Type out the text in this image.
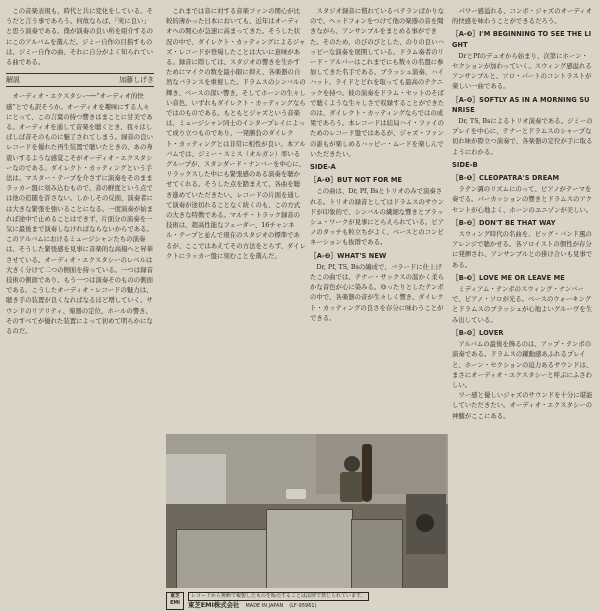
この音楽表現も、時代と共に変化をしている。そうだと言う事であろう。何故ならば、「実に良い」と思う演奏である。僕が演奏の良い所を紹介するのにこのアルバムを選んだ。ジミー自作の目指すものは、ジミー自作の曲、それに自分がよく知られている曲である。

解説	加藤しげき

オーディオ・エクスタシー──“オーディオ的快感”とでも訳そうか。オーディオを趣味にする人々にとって、この言葉の持つ響きはまことに甘美である。オーディオを通して音楽を聴くとき、我々はしばしば音そのものに魅了されてしまう。録音の良いレコードを優れた再生装置で聴いたときの、あの身震いするような感覚こそがオーディオ・エクスタシーなのである。ダイレクト・カッティングという手法は、マスター・テープを介さずに演奏をそのままラッカー盤に刻み込むもので、音の鮮度という点では他の追随を許さない。しかしその反面、演奏者には大きな緊張を強いることになる。一度演奏が始まれば途中で止めることはできず、片面分の演奏を一気に最後まで演奏しなければならないからである。このアルバムにおけるミュージシャンたちの演奏は、そうした緊張感を見事に音楽的な高揚へと昇華させている。オーディオ・エクスタシーのレベルは大きく分けて二つの側面を持っている。一つは録音技術の側面であり、もう一つは演奏そのものの側面である。こうしたオーディオ・レコードの魅力は、聴き手の装置が良くなればなるほど増していく。サウンドのリアリティ、楽器の定位、ホールの響き、そのすべてが優れた装置によって初めて明らかになるのだ。

これまでは音に対する音楽ファンの関心が比較的薄かった日本においても、近年はオーディオへの関心が急速に高まってきた。そうした状況の中で、ダイレクト・カッティングによるジャズ・レコードが登場したことは大いに意味がある。録音に際しては、スタジオの響きを生かすためにマイクの数を最小限に抑え、各楽器の自然なバランスを重視した。ドラムスのシンバルの輝き、ベースの深い響き、そしてホーンの生々しい音色、いずれもダイレクト・カッティングならではのものである。もともとジャズという音楽は、ミュージシャン同士のインタープレイによって成り立つものであり、一発勝負のダイレクト・カッティングとは非常に相性が良い。本アルバムでは、ジミー・スミス（オルガン）率いるグループが、スタンダード・ナンバーを中心に、リラックスした中にも緊張感のある演奏を聴かせてくれる。そうした点を踏まえて、各曲を聴き進めていただきたい。レコードの片面を通して演奏が途切れることなく続くのも、この方式の大きな特徴である。マルチ・トラック録音の技術は、超高性能なフェーダー、16チャンネル・テープと並んで現在のスタジオの標準であるが、ここではあえてその方法をとらず、ダイレクトにラッカー盤に刻むことを選んだ。

スタジオ録音に慣れているベテランばかりなので、ヘッドフォンをつけて他の楽器の音を聞きながら、アンサンブルをまとめる事ができた。そのため、のびのびとした、のりの良いハッピーな演奏を展開している。ドラム奏者のリード・アルバーはこれまでにも数々の名盤に参加してきた名手である。ブラッシュ演奏、ハイハット、ライドとどれを取っても最高のテクニックを持つ。彼の演奏をドラム・セットのそばで聴くような生々しさで収録することができたのは、ダイレクト・カッティングならではの成果であろう。本レコードは結局ハイ・ファイのためのレコード盤ではあるが、ジャズ・ファンの誰もが楽しめるハッピー・ムードを楽しんでいただきたい。

SIDE-A

［A-❶］BUT NOT FOR ME

この曲は、Dr, Pf, Bsとトリオのみで演奏される。トリオの録音としてはドラムスのサウンドが印象的で、シンバルの繊細な響きとブラッシュ・ワークが見事にとらえられている。ピアノのタッチも粒立ちがよく、ベースとのコンビネーションも抜群である。

［A-❷］WHAT'S NEW

Dr, Pf, TS, Bsの編成で、バラードに仕上げたこの曲では、テナー・サックスの温かく柔らかな音色が心に染みる。ゆったりとしたテンポの中で、各楽器の音が生々しく響き、ダイレクト・カッティングの良さを存分に味わうことができる。

パワー感溢れる、コンボ・ジャズのオーディオ的快感を味わうことができるだろう。

［A-❸］I'M BEGINNING TO SEE THE LIGHT

DrとPfのデュオから始まり、次第にホーン・セクションが加わっていく。スウィング感溢れるアンサンブルと、ソロ・パートのコントラストが楽しい一曲である。

［A-❹］SOFTLY AS IN A MORNING SUNRISE

Dr, TS, Bsによるトリオ演奏である。ジミーのプレイを中心に、テナーとドラムスのシャープな切れ味が際立つ演奏で、各楽器の定位が手に取るようにわかる。

SIDE-B

［B-❶］CLEOPATRA'S DREAM

ラテン調のリズムにのって、ピアノがテーマを奏でる。パーカッションの響きとドラムスのアクセントが心地よく、ホーンのユニゾンが美しい。

［B-❷］DON'T BE THAT WAY

スウィング時代の名曲を、ビッグ・バンド風のアレンジで聴かせる。各ソロイストの個性が存分に発揮され、アンサンブルとの掛け合いも見事である。

［B-❸］LOVE ME OR LEAVE ME

ミディアム・テンポのスウィング・ナンバーで、ピアノ・ソロが光る。ベースのウォーキングとドラムスのブラッシュが心地よいグルーヴを生み出している。

［B-❹］LOVER

アルバムの最後を飾るのは、アップ・テンポの演奏である。ドラムスの躍動感あふれるプレイと、ホーン・セクションの迫力あるサウンドは、まさにオーディオ・エクスタシーと呼ぶにふさわしい。

ワー感と優しいジャズのサウンドを十分に堪能していただきたい。オーディオ・エクスタシーの神髄がここにある。

東芝
EMI
レコードから無断で複製したものを販売することは法律で禁じられています。
東芝EMI株式会社 MADE IN JAPAN (LF-95961)
